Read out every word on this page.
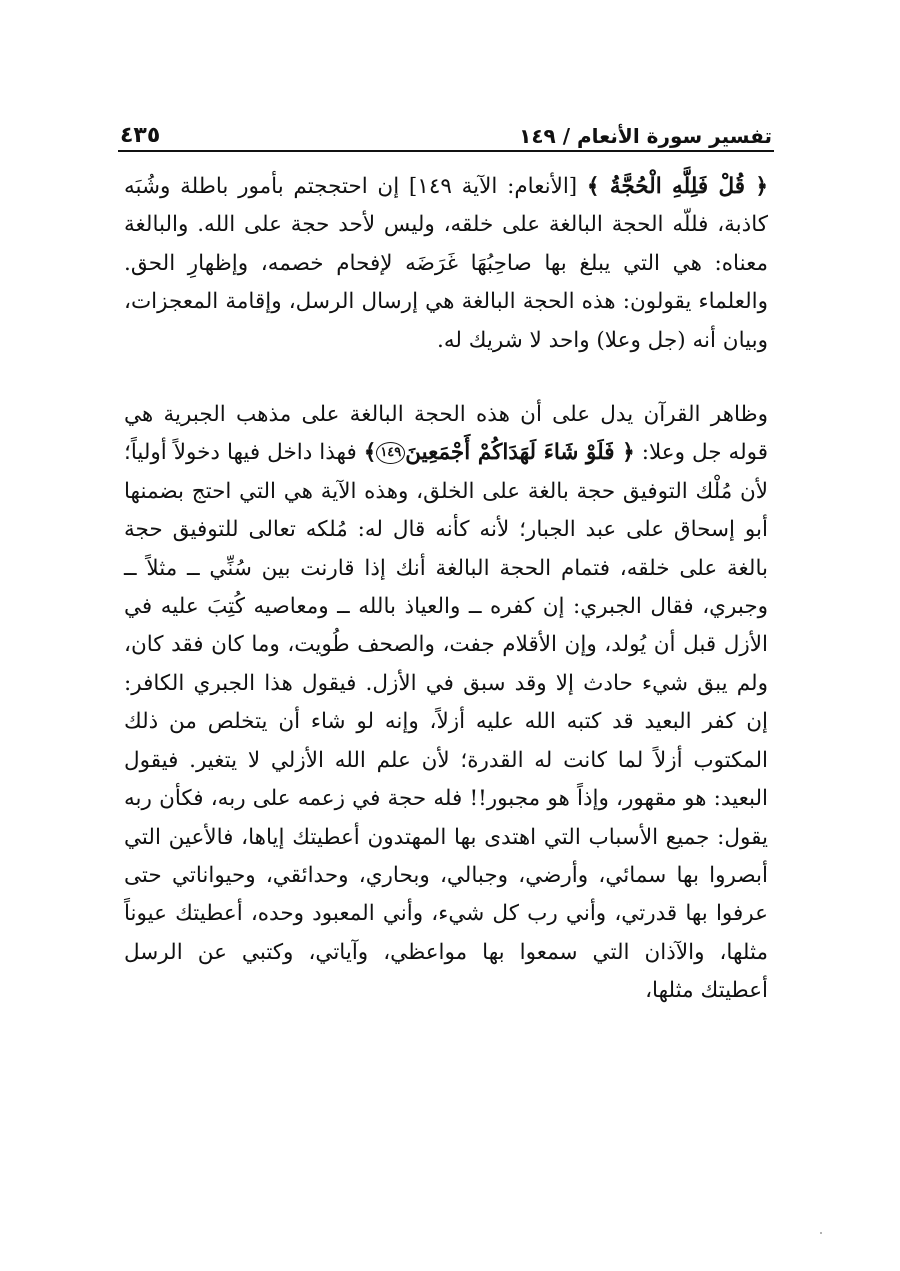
تفسير سورة الأنعام / ١٤٩
٤٣٥

﴿ قُلْ فَلِلَّهِ الْحُجَّةُ ﴾ [الأنعام: الآية ١٤٩] إن احتججتم بأمور باطلة وشُبَه كاذبة، فللّه الحجة البالغة على خلقه، وليس لأحد حجة على الله. والبالغة معناه: هي التي يبلغ بها صاحِبُهَا غَرَضَه لإفحام خصمه، وإظهارِ الحق. والعلماء يقولون: هذه الحجة البالغة هي إرسال الرسل، وإقامة المعجزات، وبيان أنه (جل وعلا) واحد لا شريك له.

وظاهر القرآن يدل على أن هذه الحجة البالغة على مذهب الجبرية هي قوله جل وعلا: ﴿ فَلَوْ شَاءَ لَهَدَاكُمْ أَجْمَعِينَ١٤٩﴾ فهذا داخل فيها دخولاً أولياً؛ لأن مُلْك التوفيق حجة بالغة على الخلق، وهذه الآية هي التي احتج بضمنها أبو إسحاق على عبد الجبار؛ لأنه كأنه قال له: مُلكه تعالى للتوفيق حجة بالغة على خلقه، فتمام الحجة البالغة أنك إذا قارنت بين سُنِّي ــ مثلاً ــ وجبري، فقال الجبري: إن كفره ــ والعياذ بالله ــ ومعاصيه كُتِبَ عليه في الأزل قبل أن يُولد، وإن الأقلام جفت، والصحف طُويت، وما كان فقد كان، ولم يبق شيء حادث إلا وقد سبق في الأزل. فيقول هذا الجبري الكافر: إن كفر البعيد قد كتبه الله عليه أزلاً، وإنه لو شاء أن يتخلص من ذلك المكتوب أزلاً لما كانت له القدرة؛ لأن علم الله الأزلي لا يتغير. فيقول البعيد: هو مقهور، وإذاً هو مجبور!! فله حجة في زعمه على ربه، فكأن ربه يقول: جميع الأسباب التي اهتدى بها المهتدون أعطيتك إياها، فالأعين التي أبصروا بها سمائي، وأرضي، وجبالي، وبحاري، وحدائقي، وحيواناتي حتى عرفوا بها قدرتي، وأني رب كل شيء، وأني المعبود وحده، أعطيتك عيوناً مثلها، والآذان التي سمعوا بها مواعظي، وآياتي، وكتبي عن الرسل أعطيتك مثلها،
